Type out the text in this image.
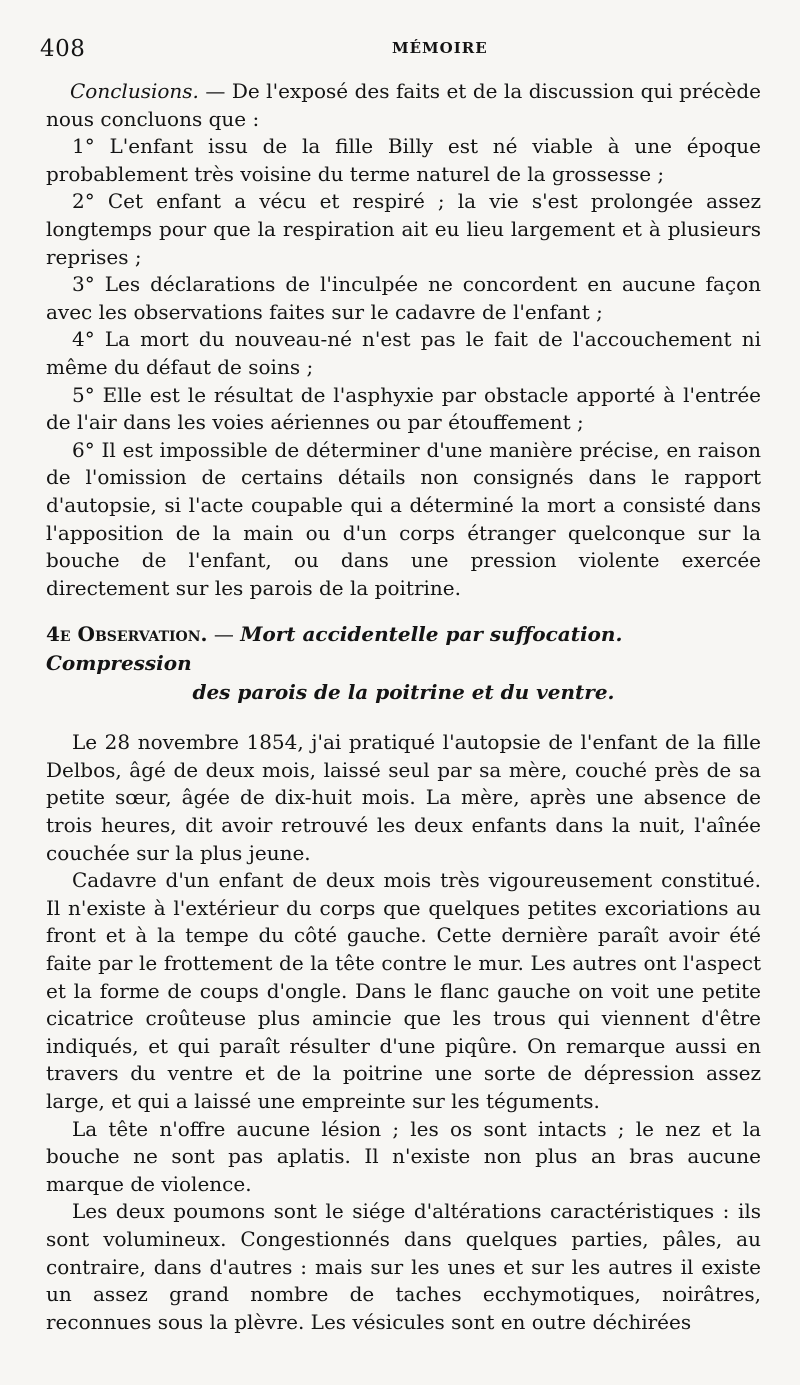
408	MÉMOIRE

Conclusions. — De l'exposé des faits et de la discussion qui précède nous concluons que :

1° L'enfant issu de la fille Billy est né viable à une époque probablement très voisine du terme naturel de la grossesse ;

2° Cet enfant a vécu et respiré ; la vie s'est prolongée assez longtemps pour que la respiration ait eu lieu largement et à plusieurs reprises ;

3° Les déclarations de l'inculpée ne concordent en aucune façon avec les observations faites sur le cadavre de l'enfant ;

4° La mort du nouveau-né n'est pas le fait de l'accouchement ni même du défaut de soins ;

5° Elle est le résultat de l'asphyxie par obstacle apporté à l'entrée de l'air dans les voies aériennes ou par étouffement ;

6° Il est impossible de déterminer d'une manière précise, en raison de l'omission de certains détails non consignés dans le rapport d'autopsie, si l'acte coupable qui a déterminé la mort a consisté dans l'apposition de la main ou d'un corps étranger quelconque sur la bouche de l'enfant, ou dans une pression violente exercée directement sur les parois de la poitrine.

4e Observation. — Mort accidentelle par suffocation. Compression
des parois de la poitrine et du ventre.

Le 28 novembre 1854, j'ai pratiqué l'autopsie de l'enfant de la fille Delbos, âgé de deux mois, laissé seul par sa mère, couché près de sa petite sœur, âgée de dix-huit mois. La mère, après une absence de trois heures, dit avoir retrouvé les deux enfants dans la nuit, l'aînée couchée sur la plus jeune.

Cadavre d'un enfant de deux mois très vigoureusement constitué. Il n'existe à l'extérieur du corps que quelques petites excoriations au front et à la tempe du côté gauche. Cette dernière paraît avoir été faite par le frottement de la tête contre le mur. Les autres ont l'aspect et la forme de coups d'ongle. Dans le flanc gauche on voit une petite cicatrice croûteuse plus amincie que les trous qui viennent d'être indiqués, et qui paraît résulter d'une piqûre. On remarque aussi en travers du ventre et de la poitrine une sorte de dépression assez large, et qui a laissé une empreinte sur les téguments.

La tête n'offre aucune lésion ; les os sont intacts ; le nez et la bouche ne sont pas aplatis. Il n'existe non plus an bras aucune marque de violence.

Les deux poumons sont le siége d'altérations caractéristiques : ils sont volumineux. Congestionnés dans quelques parties, pâles, au contraire, dans d'autres : mais sur les unes et sur les autres il existe un assez grand nombre de taches ecchymotiques, noirâtres, reconnues sous la plèvre. Les vésicules sont en outre déchirées
